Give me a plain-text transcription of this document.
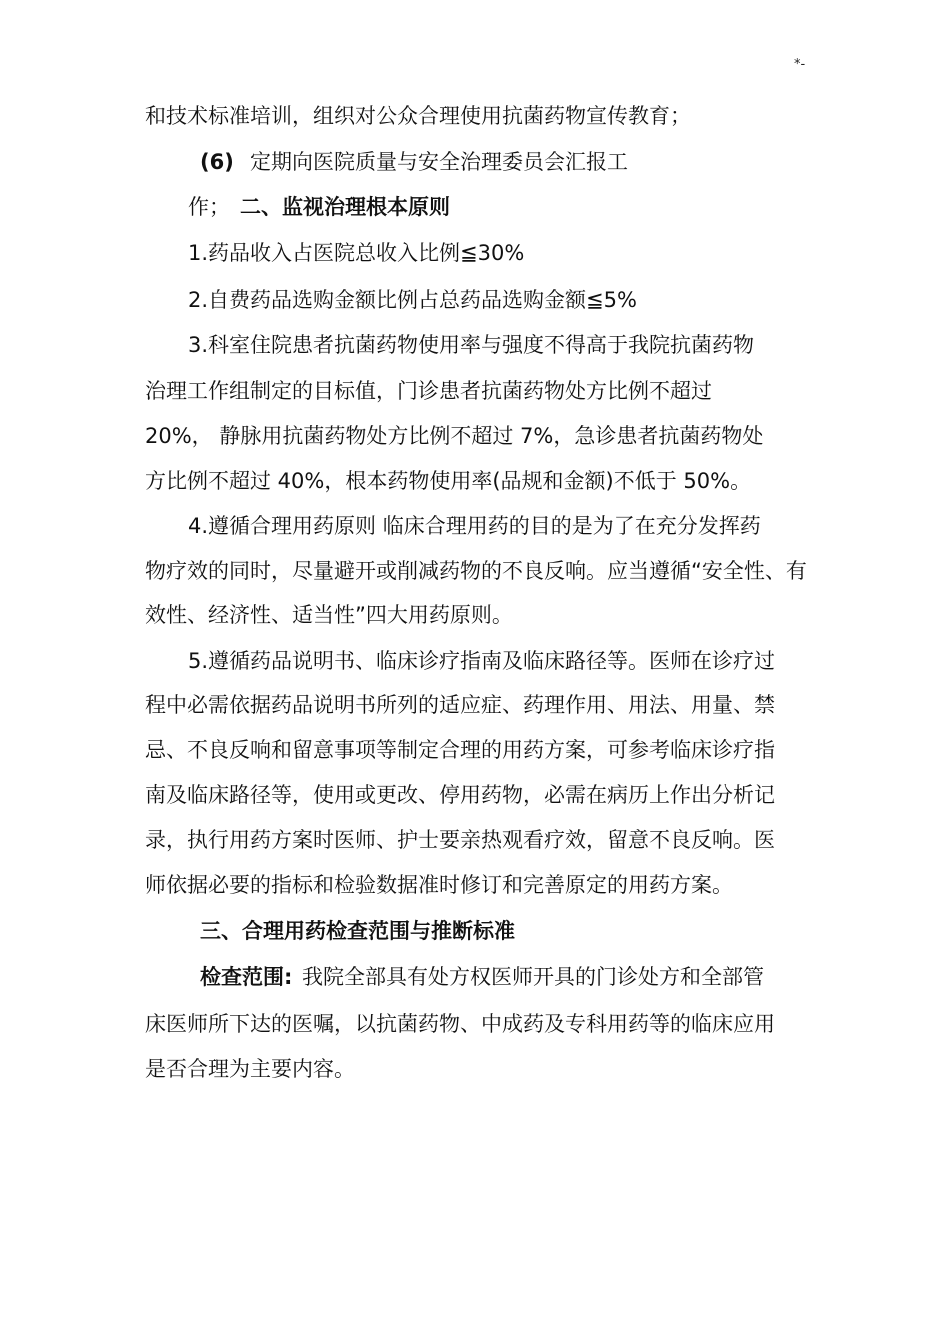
*-
和技术标准培训，组织对公众合理使用抗菌药物宣传教育；
(6) 定期向医院质量与安全治理委员会汇报工
作； 二、监视治理根本原则
1.药品收入占医院总收入比例≦30%
2.自费药品选购金额比例占总药品选购金额≦5%
3.科室住院患者抗菌药物使用率与强度不得高于我院抗菌药物
治理工作组制定的目标值，门诊患者抗菌药物处方比例不超过
20%， 静脉用抗菌药物处方比例不超过 7%，急诊患者抗菌药物处
方比例不超过 40%，根本药物使用率(品规和金额)不低于 50%。
4.遵循合理用药原则 临床合理用药的目的是为了在充分发挥药
物疗效的同时，尽量避开或削减药物的不良反响。应当遵循“安全性、有
效性、经济性、适当性”四大用药原则。
5.遵循药品说明书、临床诊疗指南及临床路径等。医师在诊疗过
程中必需依据药品说明书所列的适应症、药理作用、用法、用量、禁
忌、不良反响和留意事项等制定合理的用药方案，可参考临床诊疗指
南及临床路径等，使用或更改、停用药物，必需在病历上作出分析记
录，执行用药方案时医师、护士要亲热观看疗效，留意不良反响。医
师依据必要的指标和检验数据准时修订和完善原定的用药方案。
三、合理用药检查范围与推断标准
检查范围: 我院全部具有处方权医师开具的门诊处方和全部管
床医师所下达的医嘱，以抗菌药物、中成药及专科用药等的临床应用
是否合理为主要内容。
